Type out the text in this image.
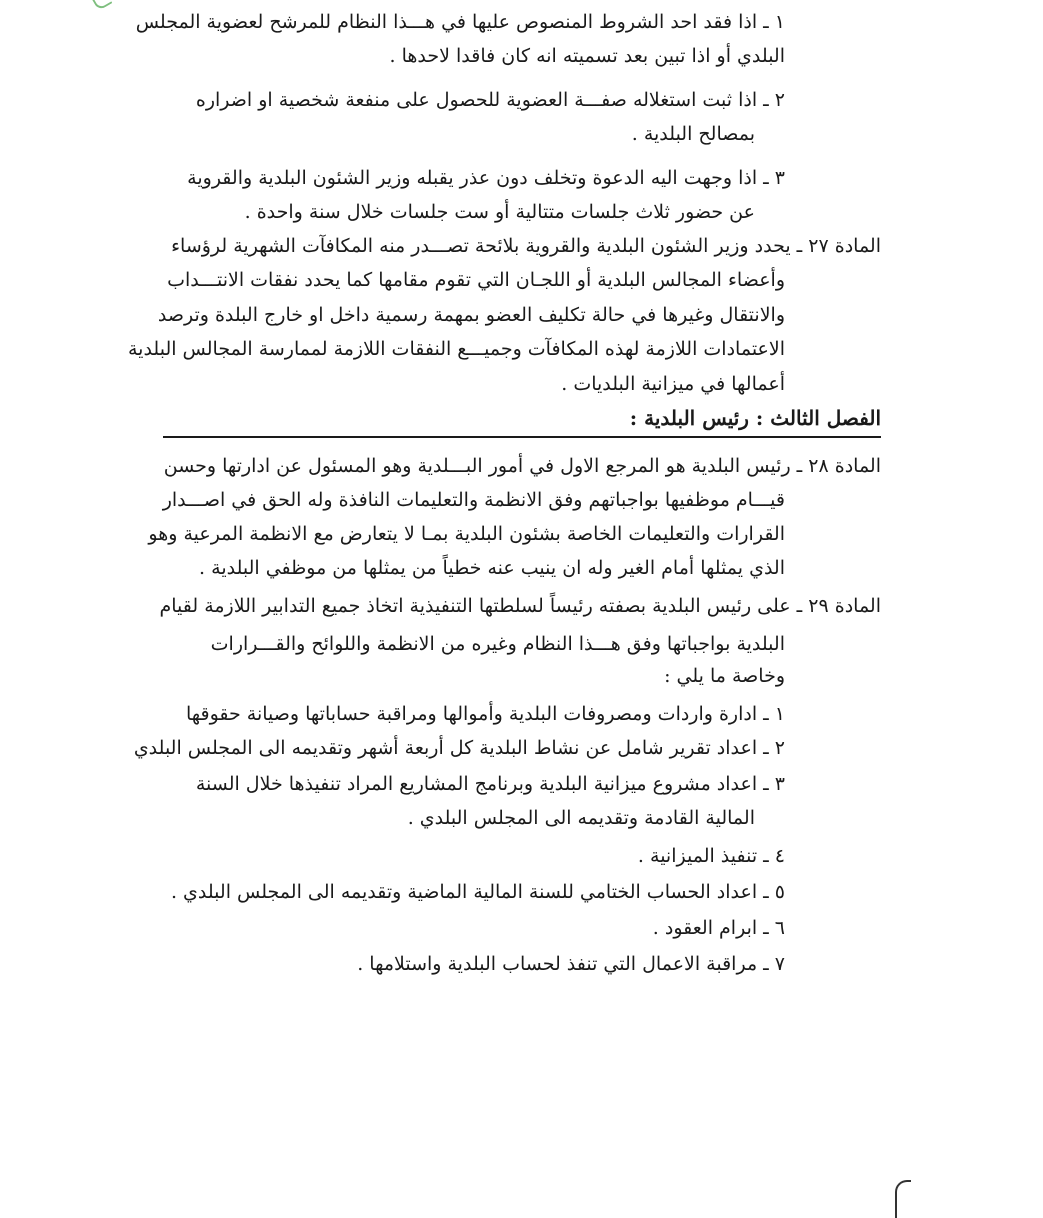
١ ـ اذا فقد احد الشروط المنصوص عليها في هـــذا النظام للمرشح لعضوية المجلس
البلدي أو اذا تبين بعد تسميته انه كان فاقدا لاحدها .
٢ ـ اذا ثبت استغلاله صفـــة العضوية للحصول على منفعة شخصية او اضراره
بمصالح البلدية .
٣ ـ اذا وجهت اليه الدعوة وتخلف دون عذر يقبله وزير الشئون البلدية والقروية
عن حضور ثلاث جلسات متتالية أو ست جلسات خلال سنة واحدة .
المادة ٢٧ ـ يحدد وزير الشئون البلدية والقروية بلائحة تصـــدر منه المكافآت الشهرية لرؤساء
وأعضاء المجالس البلدية أو اللجـان التي تقوم مقامها كما يحدد نفقات الانتـــداب
والانتقال وغيرها في حالة تكليف العضو بمهمة رسمية داخل او خارج البلدة وترصد
الاعتمادات اللازمة لهذه المكافآت وجميـــع النفقات اللازمة لممارسة المجالس البلدية
أعمالها في ميزانية البلديات .
الفصل الثالث : رئيس البلدية :
المادة ٢٨ ـ رئيس البلدية هو المرجع الاول في أمور البـــلدية وهو المسئول عن ادارتها وحسن
قيـــام موظفيها بواجباتهم وفق الانظمة والتعليمات النافذة وله الحق في اصـــدار
القرارات والتعليمات الخاصة بشئون البلدية بمـا لا يتعارض مع الانظمة المرعية وهو
الذي يمثلها أمام الغير وله ان ينيب عنه خطياً من يمثلها من موظفي البلدية .
المادة ٢٩ ـ على رئيس البلدية بصفته رئيساً لسلطتها التنفيذية اتخاذ جميع التدابير اللازمة لقيام
البلدية بواجباتها وفق هـــذا النظام وغيره من الانظمة واللوائح والقـــرارات
وخاصة ما يلي :
١ ـ ادارة واردات ومصروفات البلدية وأموالها ومراقبة حساباتها وصيانة حقوقها
٢ ـ اعداد تقرير شامل عن نشاط البلدية كل أربعة أشهر وتقديمه الى المجلس البلدي
٣ ـ اعداد مشروع ميزانية البلدية وبرنامج المشاريع المراد تنفيذها خلال السنة
المالية القادمة وتقديمه الى المجلس البلدي .
٤ ـ تنفيذ الميزانية .
٥ ـ اعداد الحساب الختامي للسنة المالية الماضية وتقديمه الى المجلس البلدي .
٦ ـ ابرام العقود .
٧ ـ مراقبة الاعمال التي تنفذ لحساب البلدية واستلامها .
